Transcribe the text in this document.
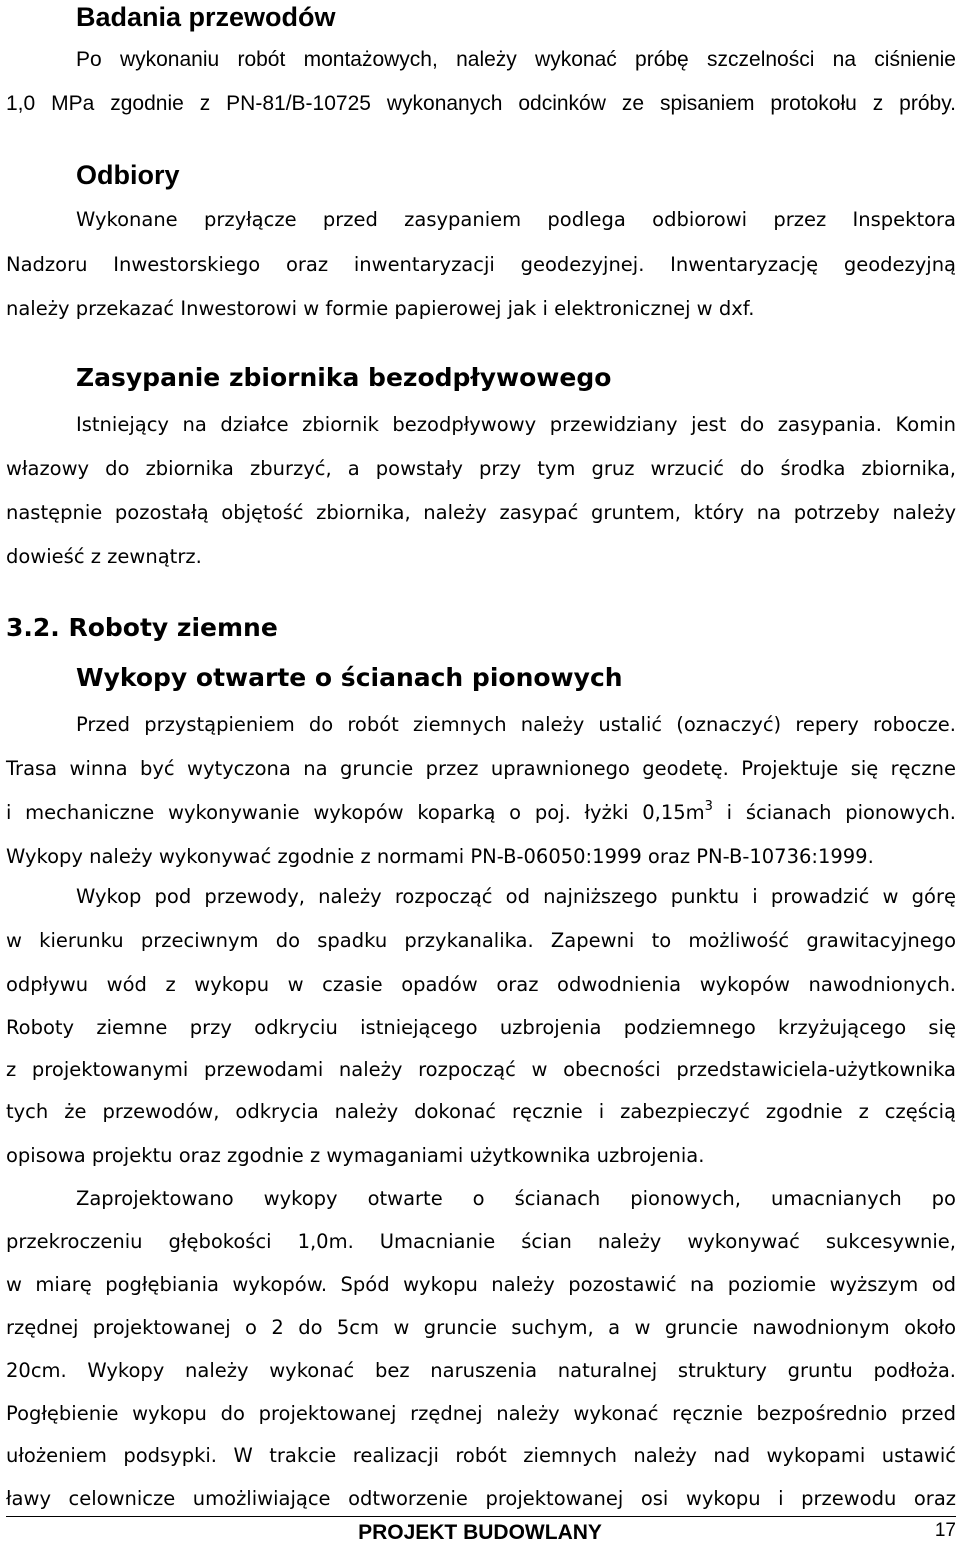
Badania przewodów
Po wykonaniu robót montażowych, należy wykonać próbę szczelności na ciśnienie
1,0 MPa zgodnie z PN-81/B-10725 wykonanych odcinków ze spisaniem protokołu z próby.
Odbiory
Wykonane przyłącze przed zasypaniem podlega odbiorowi przez Inspektora
Nadzoru Inwestorskiego oraz inwentaryzacji geodezyjnej. Inwentaryzację geodezyjną
należy przekazać Inwestorowi w formie papierowej jak i elektronicznej w dxf.
Zasypanie zbiornika bezodpływowego
Istniejący na działce zbiornik bezodpływowy przewidziany jest do zasypania. Komin
włazowy do zbiornika zburzyć, a powstały przy tym gruz wrzucić do środka zbiornika,
następnie pozostałą objętość zbiornika, należy zasypać gruntem, który na potrzeby należy
dowieść z zewnątrz.
3.2. Roboty ziemne
Wykopy otwarte o ścianach pionowych
Przed przystąpieniem do robót ziemnych należy ustalić (oznaczyć) repery robocze.
Trasa winna być wytyczona na gruncie przez uprawnionego geodetę. Projektuje się ręczne
i mechaniczne wykonywanie wykopów koparką o poj. łyżki $0,15m^3$ i ścianach pionowych.
Wykopy należy wykonywać zgodnie z normami PN-B-06050:1999 oraz PN-B-10736:1999.
Wykop pod przewody, należy rozpocząć od najniższego punktu i prowadzić w górę
w kierunku przeciwnym do spadku przykanalika. Zapewni to możliwość grawitacyjnego
odpływu wód z wykopu w czasie opadów oraz odwodnienia wykopów nawodnionych.
Roboty ziemne przy odkryciu istniejącego uzbrojenia podziemnego krzyżującego się
z projektowanymi przewodami należy rozpocząć w obecności przedstawiciela-użytkownika
tych że przewodów, odkrycia należy dokonać ręcznie i zabezpieczyć zgodnie z częścią
opisowa projektu oraz zgodnie z wymaganiami użytkownika uzbrojenia.
Zaprojektowano wykopy otwarte o ścianach pionowych, umacnianych po
przekroczeniu głębokości 1,0m. Umacnianie ścian należy wykonywać sukcesywnie,
w miarę pogłębiania wykopów. Spód wykopu należy pozostawić na poziomie wyższym od
rzędnej projektowanej o 2 do 5cm w gruncie suchym, a w gruncie nawodnionym około
20cm. Wykopy należy wykonać bez naruszenia naturalnej struktury gruntu podłoża.
Pogłębienie wykopu do projektowanej rzędnej należy wykonać ręcznie bezpośrednio przed
ułożeniem podsypki. W trakcie realizacji robót ziemnych należy nad wykopami ustawić
ławy celownicze umożliwiające odtworzenie projektowanej osi wykopu i przewodu oraz
PROJEKT BUDOWLANY	17
